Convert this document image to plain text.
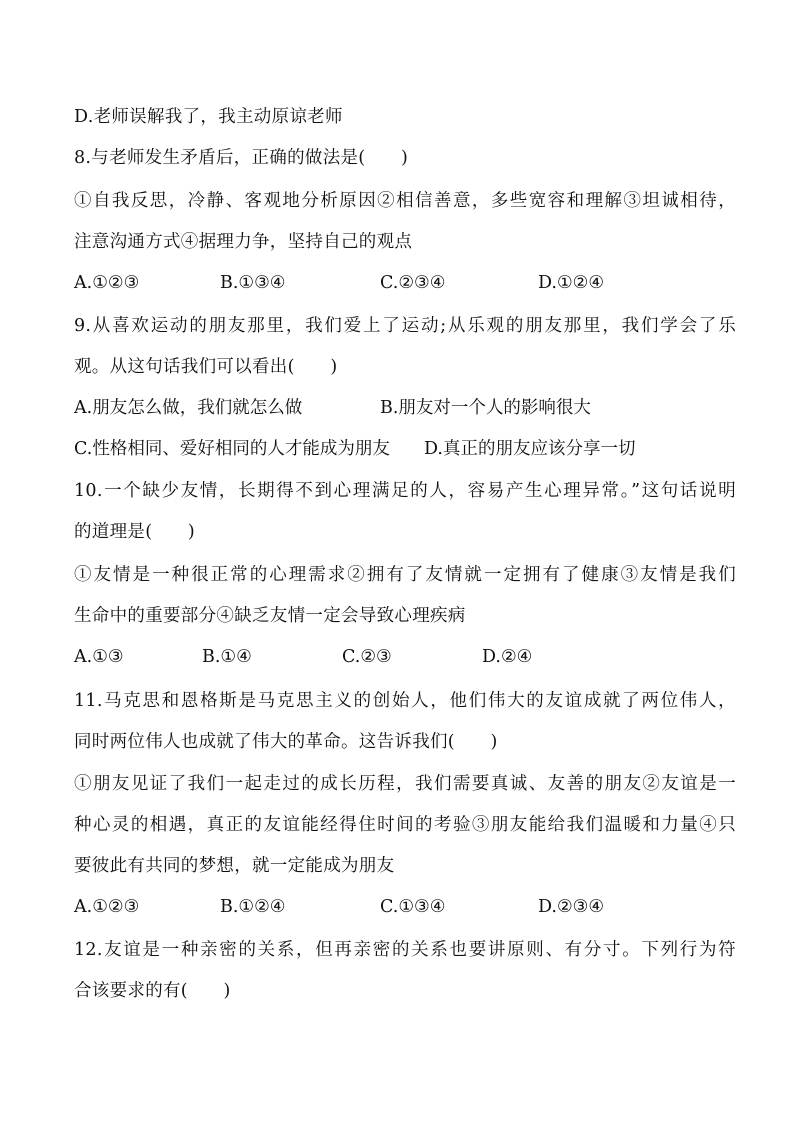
D.老师误解我了，我主动原谅老师
8.与老师发生矛盾后，正确的做法是(　　)
①自我反思，冷静、客观地分析原因②相信善意，多些宽容和理解③坦诚相待，
注意沟通方式④据理力争，坚持自己的观点
A.①②③	B.①③④	C.②③④	D.①②④
9.从喜欢运动的朋友那里，我们爱上了运动;从乐观的朋友那里，我们学会了乐
观。从这句话我们可以看出(　　)
A.朋友怎么做，我们就怎么做	B.朋友对一个人的影响很大
C.性格相同、爱好相同的人才能成为朋友 D.真正的朋友应该分享一切
10.一个缺少友情，长期得不到心理满足的人，容易产生心理异常。”这句话说明
的道理是(　　)
①友情是一种很正常的心理需求②拥有了友情就一定拥有了健康③友情是我们
生命中的重要部分④缺乏友情一定会导致心理疾病
A.①③	B.①④	C.②③	D.②④
11.马克思和恩格斯是马克思主义的创始人，他们伟大的友谊成就了两位伟人，
同时两位伟人也成就了伟大的革命。这告诉我们(　　)
①朋友见证了我们一起走过的成长历程，我们需要真诚、友善的朋友②友谊是一
种心灵的相遇，真正的友谊能经得住时间的考验③朋友能给我们温暖和力量④只
要彼此有共同的梦想，就一定能成为朋友
A.①②③	B.①②④	C.①③④	D.②③④
12.友谊是一种亲密的关系，但再亲密的关系也要讲原则、有分寸。下列行为符
合该要求的有(　　)
